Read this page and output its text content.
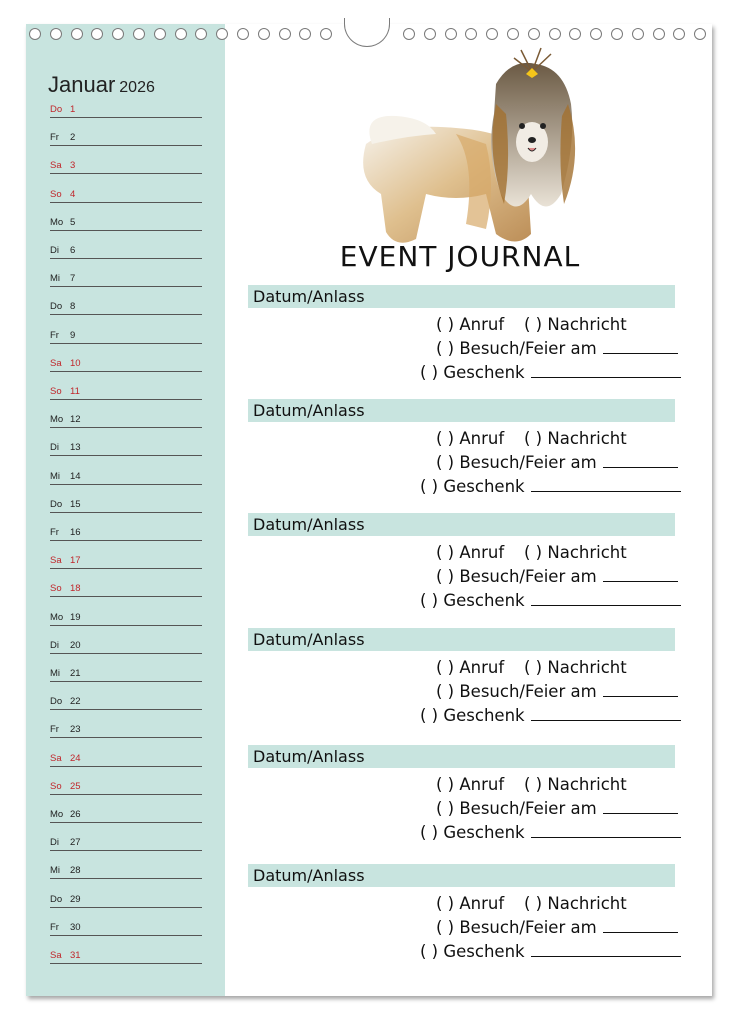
Januar 2026
Do 1
Fr 2
Sa 3
So 4
Mo 5
Di 6
Mi 7
Do 8
Fr 9
Sa 10
So 11
Mo 12
Di 13
Mi 14
Do 15
Fr 16
Sa 17
So 18
Mo 19
Di 20
Mi 21
Do 22
Fr 23
Sa 24
So 25
Mo 26
Di 27
Mi 28
Do 29
Fr 30
Sa 31
EVENT JOURNAL
Datum/Anlass
( ) Anruf ( ) Nachricht
( ) Besuch/Feier am
( ) Geschenk
Datum/Anlass
( ) Anruf ( ) Nachricht
( ) Besuch/Feier am
( ) Geschenk
Datum/Anlass
( ) Anruf ( ) Nachricht
( ) Besuch/Feier am
( ) Geschenk
Datum/Anlass
( ) Anruf ( ) Nachricht
( ) Besuch/Feier am
( ) Geschenk
Datum/Anlass
( ) Anruf ( ) Nachricht
( ) Besuch/Feier am
( ) Geschenk
Datum/Anlass
( ) Anruf ( ) Nachricht
( ) Besuch/Feier am
( ) Geschenk
